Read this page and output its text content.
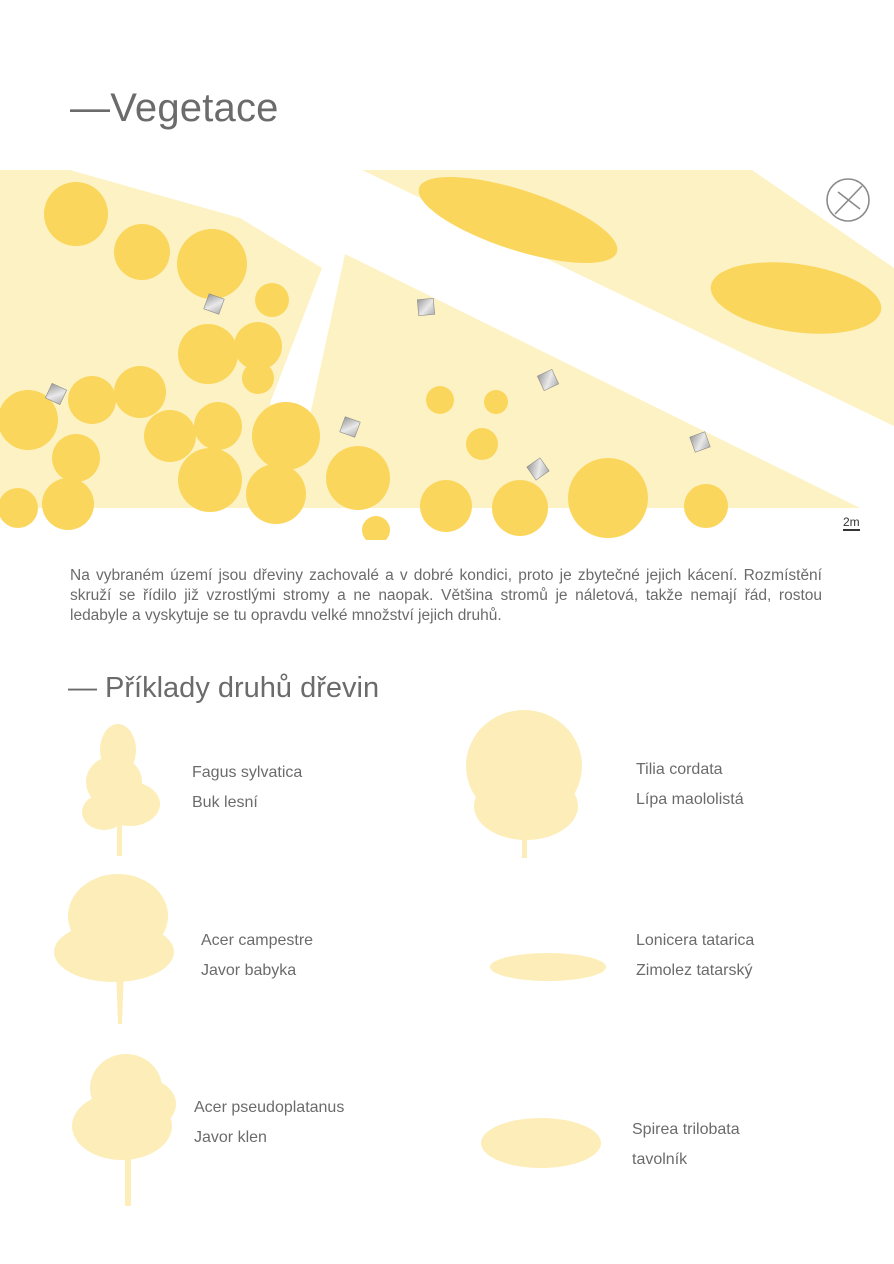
—Vegetace
2m
Na vybraném území jsou dřeviny zachovalé a v dobré kondici, proto je zbytečné jejich kácení. Rozmístění skruží se řídilo již vzrostlými stromy a ne naopak. Většina stromů je náletová, takže nemají řád, rostou ledabyle a vyskytuje se tu opravdu velké množství jejich druhů.
— Příklady druhů dřevin
Fagus sylvatica
Buk lesní
Tilia cordata
Lípa maololistá
Acer campestre
Javor babyka
Lonicera tatarica
Zimolez tatarský
Acer pseudoplatanus
Javor klen	Spirea trilobata
tavolník
